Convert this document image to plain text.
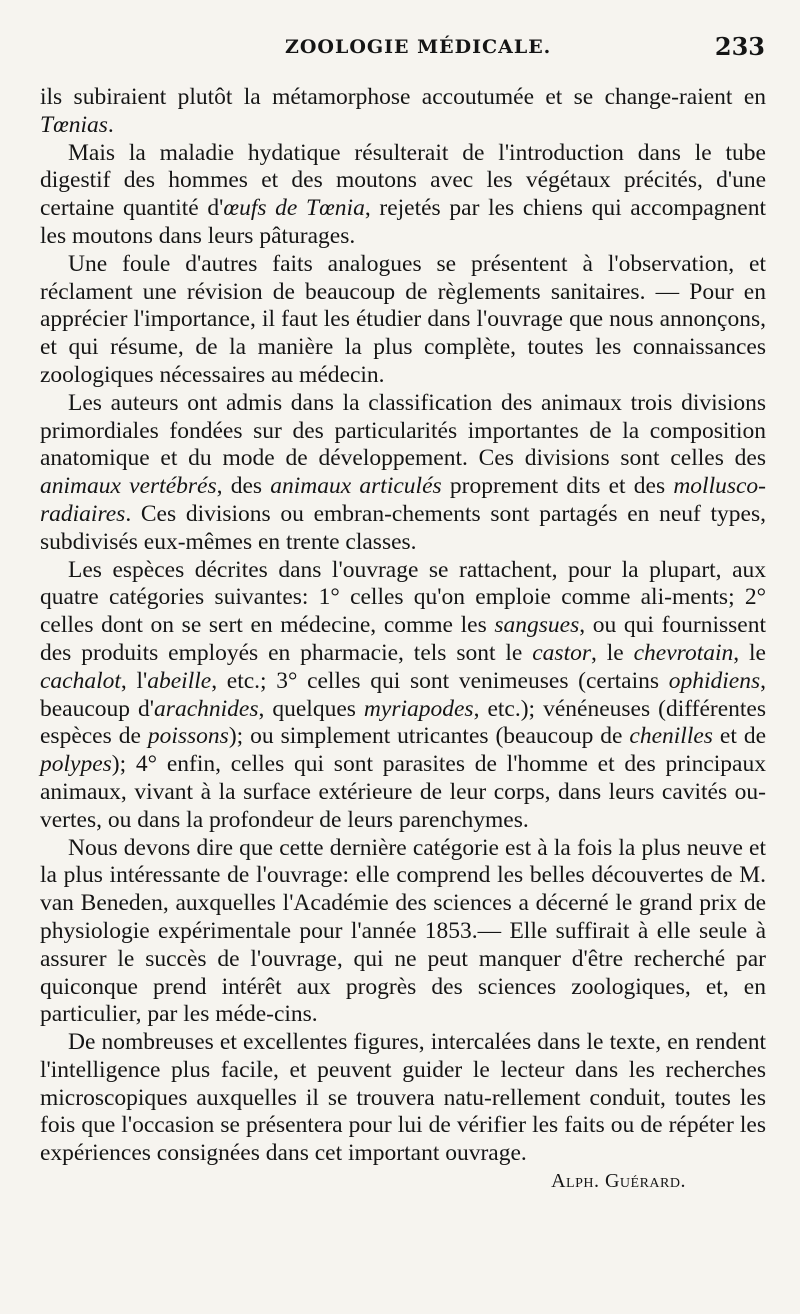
ZOOLOGIE MÉDICALE.	233

ils subiraient plutôt la métamorphose accoutumée et se change-raient en Tœnias.

Mais la maladie hydatique résulterait de l'introduction dans le tube digestif des hommes et des moutons avec les végétaux précités, d'une certaine quantité d'œufs de Tœnia, rejetés par les chiens qui accompagnent les moutons dans leurs pâturages.

Une foule d'autres faits analogues se présentent à l'observation, et réclament une révision de beaucoup de règlements sanitaires. — Pour en apprécier l'importance, il faut les étudier dans l'ouvrage que nous annonçons, et qui résume, de la manière la plus complète, toutes les connaissances zoologiques nécessaires au médecin.

Les auteurs ont admis dans la classification des animaux trois divisions primordiales fondées sur des particularités importantes de la composition anatomique et du mode de développement. Ces divisions sont celles des animaux vertébrés, des animaux articulés proprement dits et des mollusco-radiaires. Ces divisions ou embran-chements sont partagés en neuf types, subdivisés eux-mêmes en trente classes.

Les espèces décrites dans l'ouvrage se rattachent, pour la plupart, aux quatre catégories suivantes: 1° celles qu'on emploie comme ali-ments; 2° celles dont on se sert en médecine, comme les sangsues, ou qui fournissent des produits employés en pharmacie, tels sont le castor, le chevrotain, le cachalot, l'abeille, etc.; 3° celles qui sont venimeuses (certains ophidiens, beaucoup d'arachnides, quelques myriapodes, etc.); vénéneuses (différentes espèces de poissons); ou simplement utricantes (beaucoup de chenilles et de polypes); 4° enfin, celles qui sont parasites de l'homme et des principaux animaux, vivant à la surface extérieure de leur corps, dans leurs cavités ou-vertes, ou dans la profondeur de leurs parenchymes.

Nous devons dire que cette dernière catégorie est à la fois la plus neuve et la plus intéressante de l'ouvrage: elle comprend les belles découvertes de M. van Beneden, auxquelles l'Académie des sciences a décerné le grand prix de physiologie expérimentale pour l'année 1853.— Elle suffirait à elle seule à assurer le succès de l'ouvrage, qui ne peut manquer d'être recherché par quiconque prend intérêt aux progrès des sciences zoologiques, et, en particulier, par les méde-cins.

De nombreuses et excellentes figures, intercalées dans le texte, en rendent l'intelligence plus facile, et peuvent guider le lecteur dans les recherches microscopiques auxquelles il se trouvera natu-rellement conduit, toutes les fois que l'occasion se présentera pour lui de vérifier les faits ou de répéter les expériences consignées dans cet important ouvrage.
Alph. Guérard.
